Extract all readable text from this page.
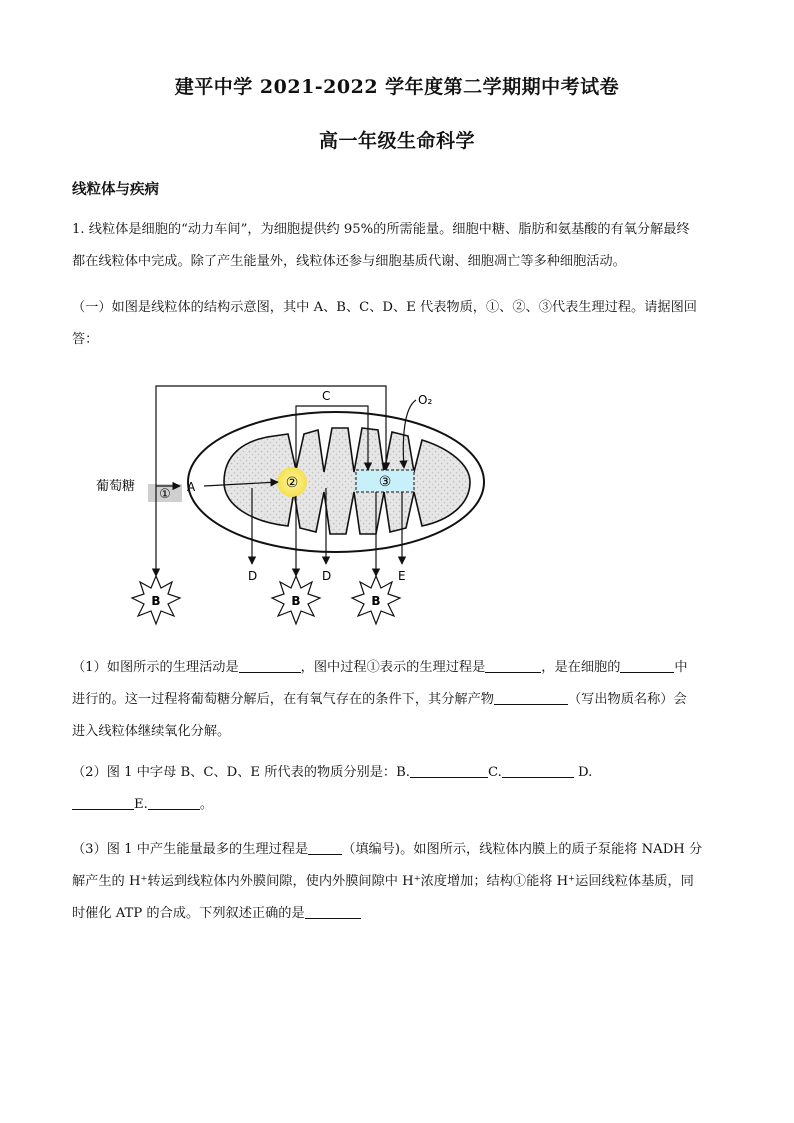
建平中学 2021-2022 学年度第二学期期中考试卷
高一年级生命科学
线粒体与疾病
1. 线粒体是细胞的“动力车间”，为细胞提供约 95%的所需能量。细胞中糖、脂肪和氨基酸的有氧分解最终
都在线粒体中完成。除了产生能量外，线粒体还参与细胞基质代谢、细胞凋亡等多种细胞活动。
（一）如图是线粒体的结构示意图，其中 A、B、C、D、E 代表物质，①、②、③代表生理过程。请据图回
答：
②	③
葡萄糖
① A
C	O₂
D	D	E
B	B	B
（1）如图所示的生理活动是	，图中过程①表示的生理过程是	，是在细胞的	中
进行的。这一过程将葡萄糖分解后，在有氧气存在的条件下，其分解产物	（写出物质名称）会
进入线粒体继续氧化分解。
（2）图 1 中字母 B、C、D、E 所代表的物质分别是：B.	C.	D.
E.	。
（3）图 1 中产生能量最多的生理过程是	（填编号)。如图所示，线粒体内膜上的质子泵能将 NADH 分
解产生的 H⁺转运到线粒体内外膜间隙，使内外膜间隙中 H⁺浓度增加；结构①能将 H⁺运回线粒体基质，同
时催化 ATP 的合成。下列叙述正确的是
